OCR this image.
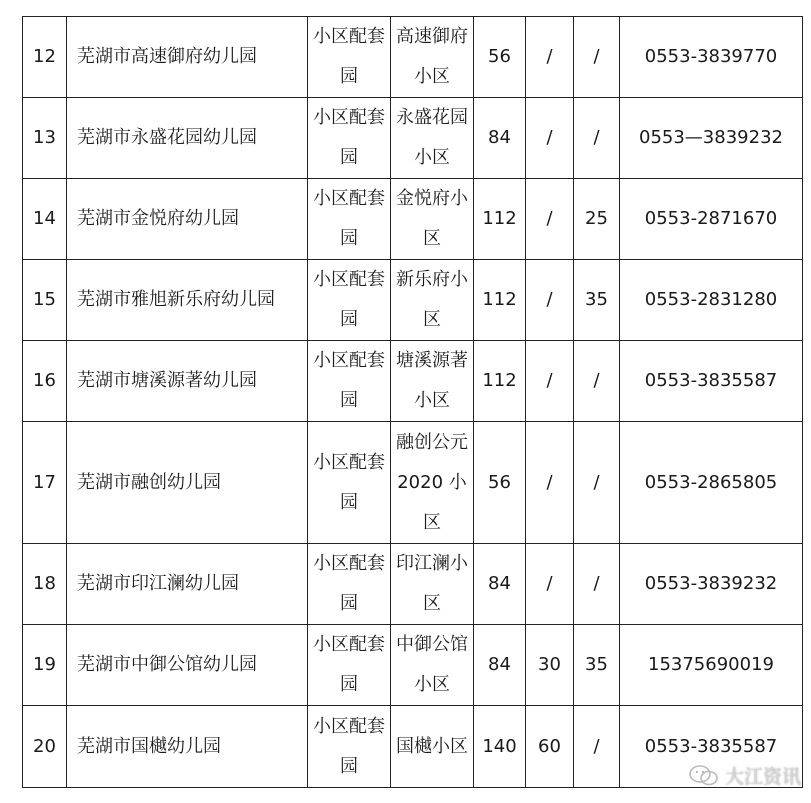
12	芜湖市高速御府幼儿园	小区配套园	高速御府小区	56	/	/	0553-3839770
13	芜湖市永盛花园幼儿园	小区配套园	永盛花园小区	84	/	/	0553—3839232
14	芜湖市金悦府幼儿园	小区配套园	金悦府小区	112	/	25	0553-2871670
15	芜湖市雅旭新乐府幼儿园	小区配套园	新乐府小区	112	/	35	0553-2831280
16	芜湖市塘溪源著幼儿园	小区配套园	塘溪源著小区	112	/	/	0553-3835587
17	芜湖市融创幼儿园	小区配套园	融创公元2020 小区	56	/	/	0553-2865805
18	芜湖市印江澜幼儿园	小区配套园	印江澜小区	84	/	/	0553-3839232
19	芜湖市中御公馆幼儿园	小区配套园	中御公馆小区	84	30	35	15375690019
20	芜湖市国樾幼儿园	小区配套园	国樾小区	140	60	/	0553-3835587
大江资讯
